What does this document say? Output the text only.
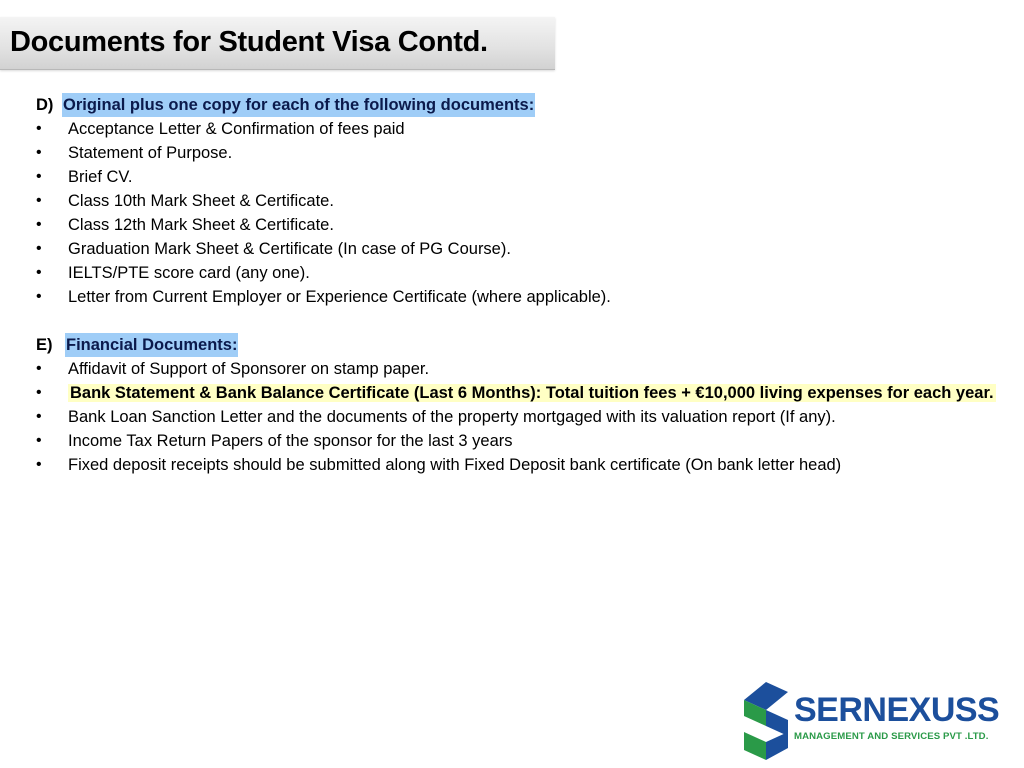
Documents for Student Visa Contd.
D) Original plus one copy for each of the following documents:
•	Acceptance Letter & Confirmation of fees paid
•	Statement of Purpose.
•	Brief CV.
•	Class 10th Mark Sheet & Certificate.
•	Class 12th Mark Sheet & Certificate.
•	Graduation Mark Sheet & Certificate (In case of PG Course).
•	IELTS/PTE score card (any one).
•	Letter from Current Employer or Experience Certificate (where applicable).
E) Financial Documents:
•	Affidavit of Support of Sponsorer on stamp paper.
•	Bank Statement & Bank Balance Certificate (Last 6 Months): Total tuition fees + €10,000 living expenses for each year.
•	Bank Loan Sanction Letter and the documents of the property mortgaged with its valuation report (If any).
•	Income Tax Return Papers of the sponsor for the last 3 years
•	Fixed deposit receipts should be submitted along with Fixed Deposit bank certificate (On bank letter head)
SERNEXUSS
MANAGEMENT AND SERVICES PVT .LTD.
